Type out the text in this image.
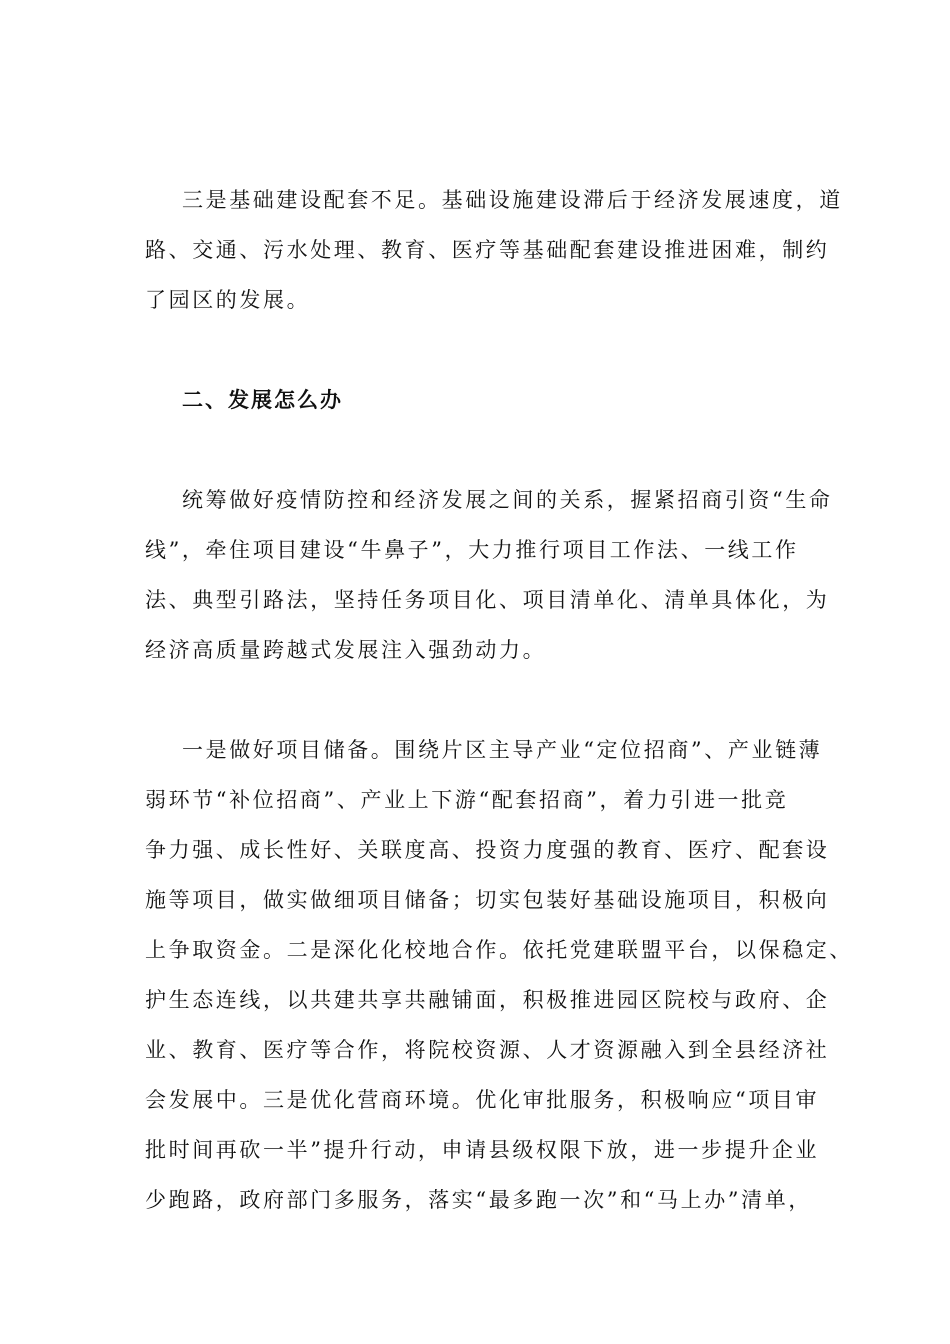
三是基础建设配套不足。基础设施建设滞后于经济发展速度，道
路、交通、污水处理、教育、医疗等基础配套建设推进困难，制约
了园区的发展。
二、发展怎么办
统筹做好疫情防控和经济发展之间的关系，握紧招商引资“生命
线”，牵住项目建设“牛鼻子”，大力推行项目工作法、一线工作
法、典型引路法，坚持任务项目化、项目清单化、清单具体化，为
经济高质量跨越式发展注入强劲动力。
一是做好项目储备。围绕片区主导产业“定位招商”、产业链薄
弱环节“补位招商”、产业上下游“配套招商”，着力引进一批竞
争力强、成长性好、关联度高、投资力度强的教育、医疗、配套设
施等项目，做实做细项目储备；切实包装好基础设施项目，积极向
上争取资金。二是深化化校地合作。依托党建联盟平台，以保稳定、
护生态连线，以共建共享共融铺面，积极推进园区院校与政府、企
业、教育、医疗等合作，将院校资源、人才资源融入到全县经济社
会发展中。三是优化营商环境。优化审批服务，积极响应“项目审
批时间再砍一半”提升行动，申请县级权限下放，进一步提升企业
少跑路，政府部门多服务，落实“最多跑一次”和“马上办”清单，
